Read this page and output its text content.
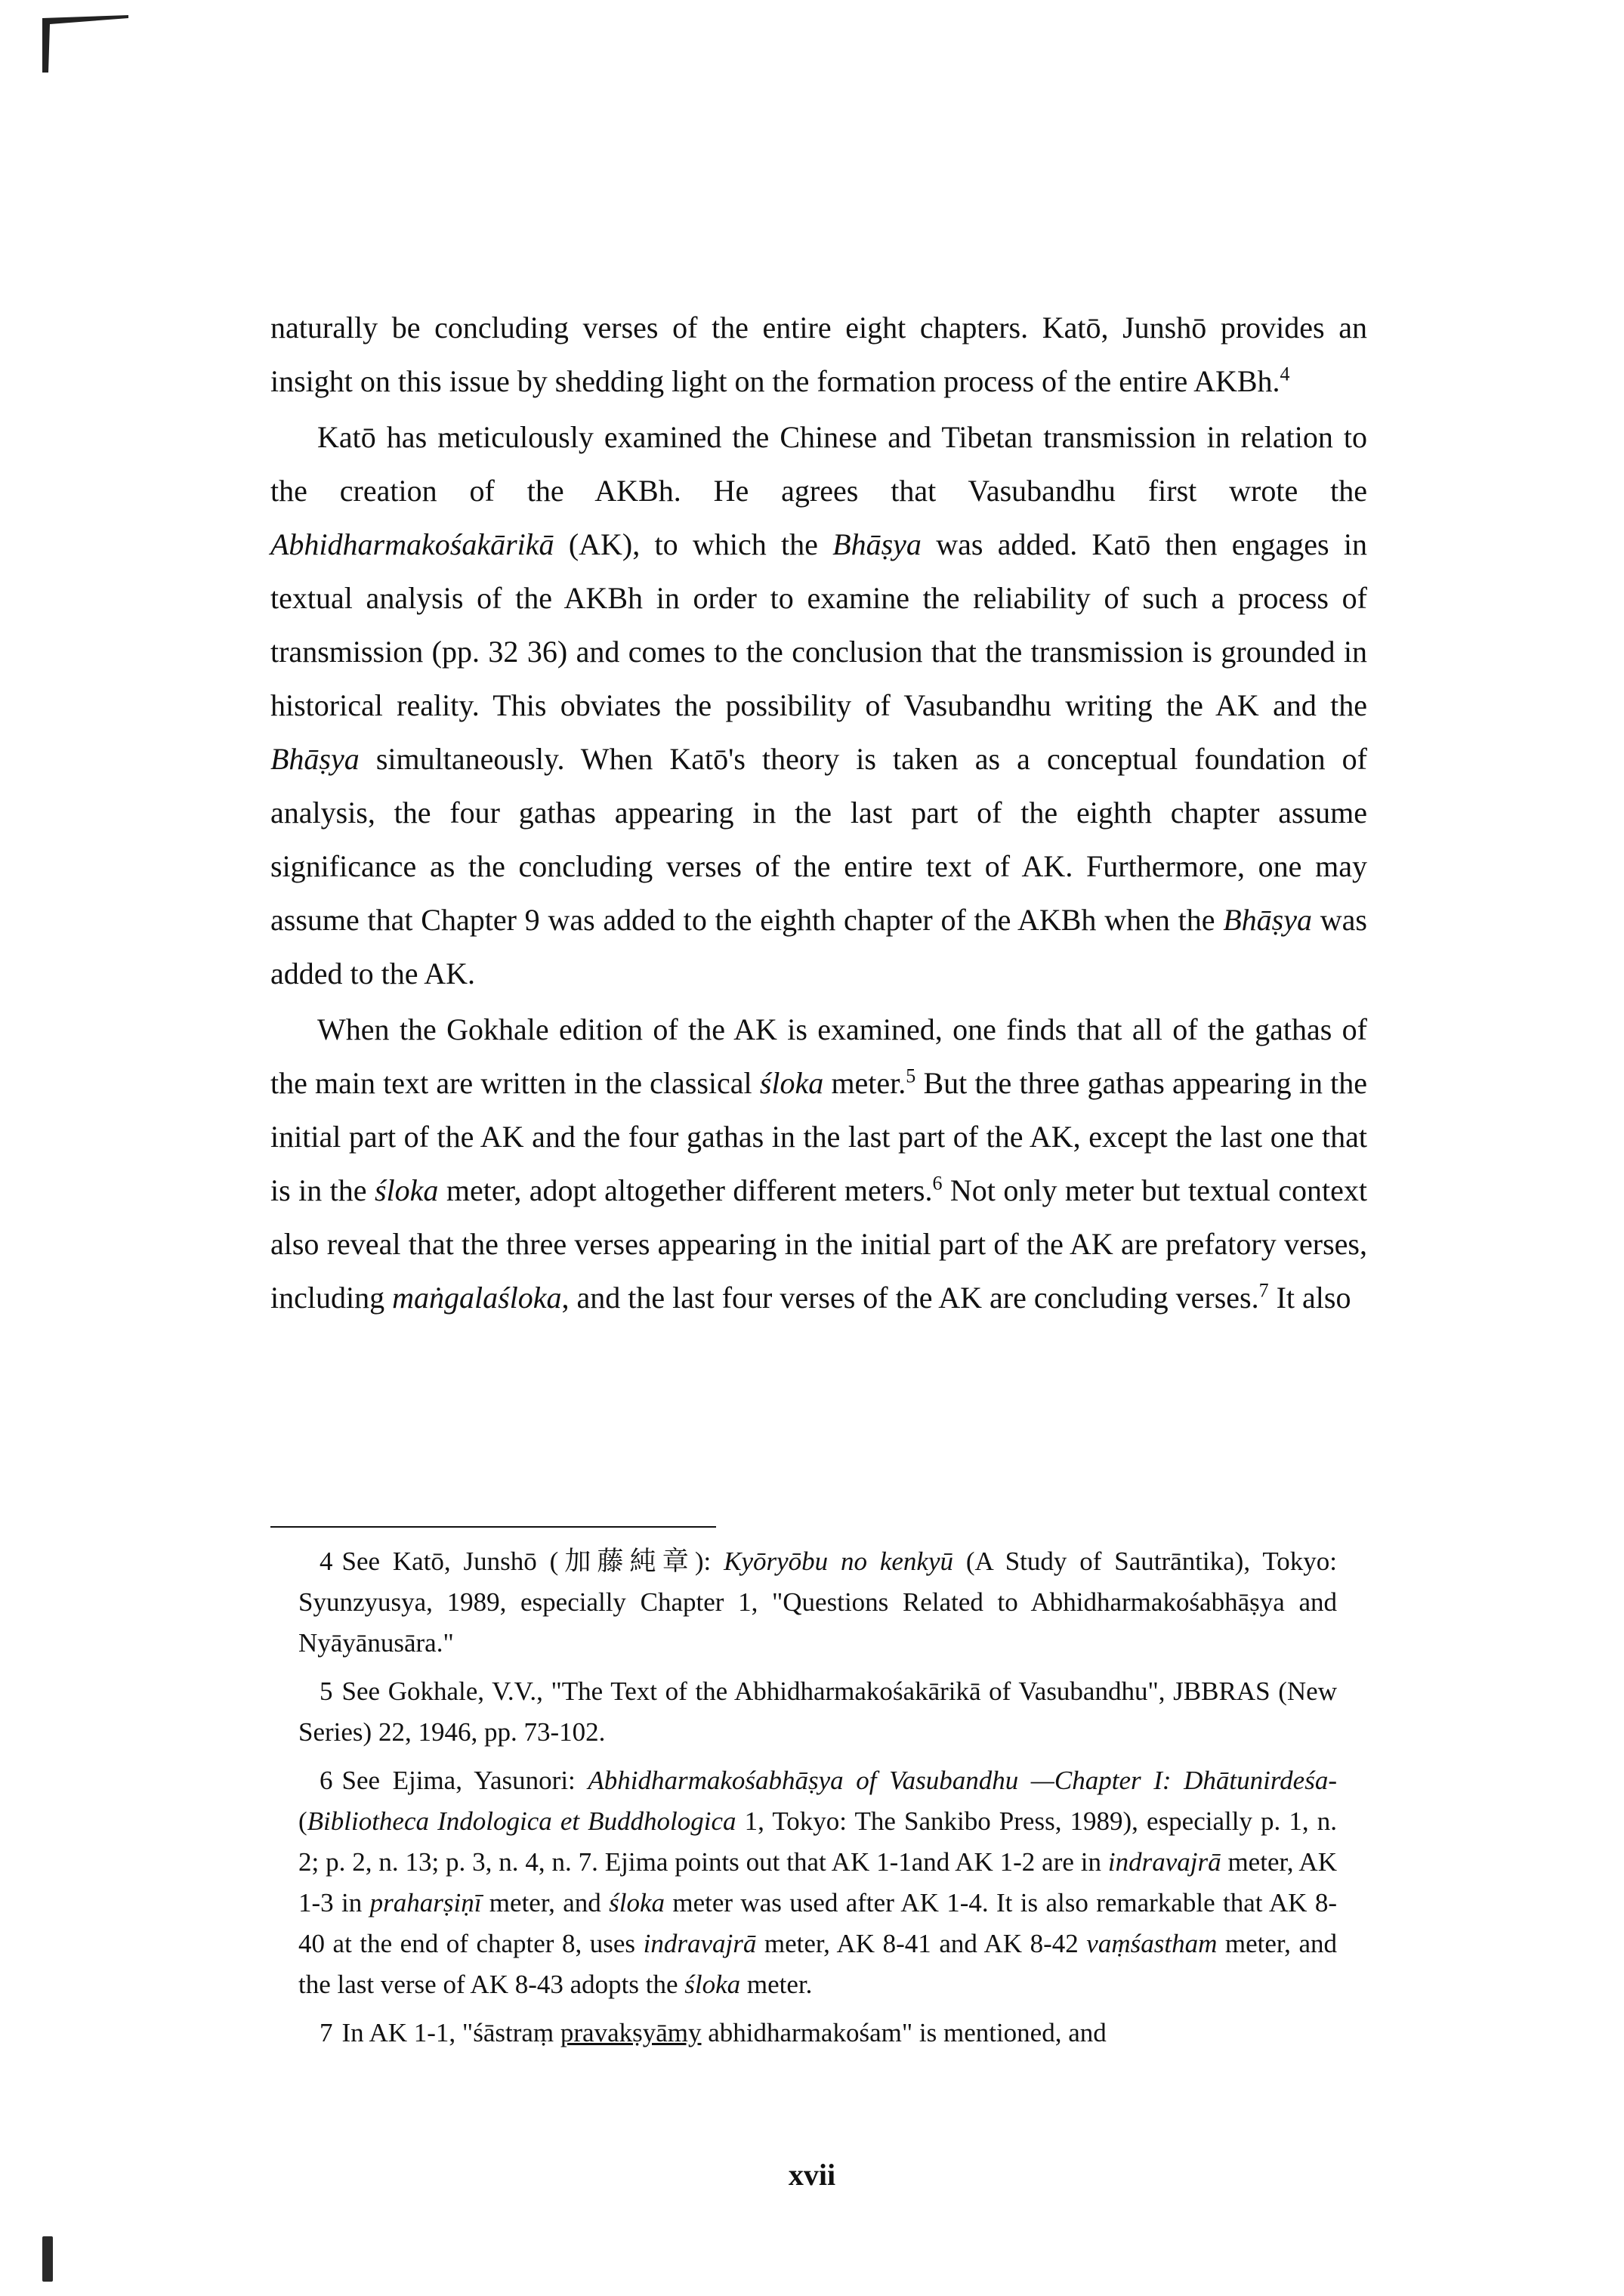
naturally be concluding verses of the entire eight chapters. Katō, Junshō provides an insight on this issue by shedding light on the formation process of the entire AKBh.$^4$

Katō has meticulously examined the Chinese and Tibetan transmission in relation to the creation of the AKBh. He agrees that Vasubandhu first wrote the Abhidharmakośakārikā (AK), to which the Bhāṣya was added. Katō then engages in textual analysis of the AKBh in order to examine the reliability of such a process of transmission (pp. 32 36) and comes to the conclusion that the transmission is grounded in historical reality. This obviates the possibility of Vasubandhu writing the AK and the Bhāṣya simultaneously. When Katō's theory is taken as a conceptual foundation of analysis, the four gathas appearing in the last part of the eighth chapter assume significance as the concluding verses of the entire text of AK. Furthermore, one may assume that Chapter 9 was added to the eighth chapter of the AKBh when the Bhāṣya was added to the AK.

When the Gokhale edition of the AK is examined, one finds that all of the gathas of the main text are written in the classical śloka meter.$^5$ But the three gathas appearing in the initial part of the AK and the four gathas in the last part of the AK, except the last one that is in the śloka meter, adopt altogether different meters.$^6$ Not only meter but textual context also reveal that the three verses appearing in the initial part of the AK are prefatory verses, including maṅgalaśloka, and the last four verses of the AK are concluding verses.$^7$ It also

4 See Katō, Junshō (加藤純章): Kyōryōbu no kenkyū (A Study of Sautrāntika), Tokyo: Syunzyusya, 1989, especially Chapter 1, "Questions Related to Abhidharmakośabhāṣya and Nyāyānusāra."

5 See Gokhale, V.V., "The Text of the Abhidharmakośakārikā of Vasubandhu", JBBRAS (New Series) 22, 1946, pp. 73-102.

6 See Ejima, Yasunori: Abhidharmakośabhāṣya of Vasubandhu —Chapter I: Dhātunirdeśa- (Bibliotheca Indologica et Buddhologica 1, Tokyo: The Sankibo Press, 1989), especially p. 1, n. 2; p. 2, n. 13; p. 3, n. 4, n. 7. Ejima points out that AK 1-1and AK 1-2 are in indravajrā meter, AK 1-3 in praharṣiṇī meter, and śloka meter was used after AK 1-4. It is also remarkable that AK 8-40 at the end of chapter 8, uses indravajrā meter, AK 8-41 and AK 8-42 vaṃśastham meter, and the last verse of AK 8-43 adopts the śloka meter.

7 In AK 1-1, "śāstraṃ pravakṣyāmy abhidharmakośam" is mentioned, and

xvii
